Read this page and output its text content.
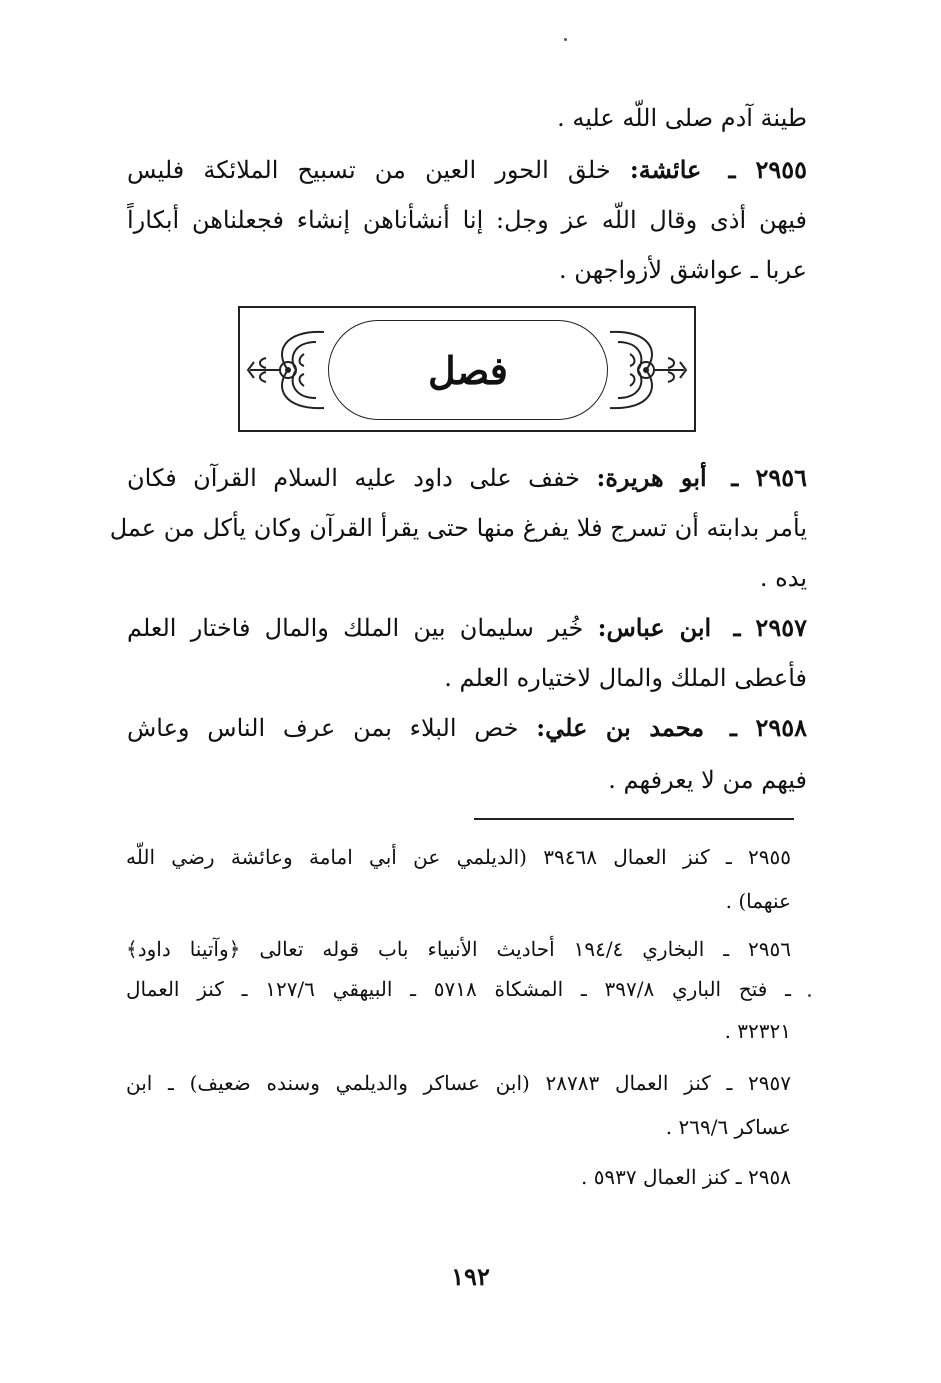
طينة آدم صلى اللّه عليه .
٢٩٥٥ ـ عائشة: خلق الحور العين من تسبيح الملائكة فليس
فيهن أذى وقال اللّه عز وجل: إنا أنشأناهن إنشاء فجعلناهن أبكاراً
عربا ـ عواشق لأزواجهن .
فصل
٢٩٥٦ ـ أبو هريرة: خفف على داود عليه السلام القرآن فكان
يأمر بدابته أن تسرج فلا يفرغ منها حتى يقرأ القرآن وكان يأكل من عمل
يده .
٢٩٥٧ ـ ابن عباس: خُير سليمان بين الملك والمال فاختار العلم
فأعطى الملك والمال لاختياره العلم .
٢٩٥٨ ـ محمد بن علي: خص البلاء بمن عرف الناس وعاش
فيهم من لا يعرفهم .
٢٩٥٥ ـ كنز العمال ٣٩٤٦٨ (الديلمي عن أبي امامة وعائشة رضي اللّه
عنهما) .
٢٩٥٦ ـ البخاري ١٩٤/٤ أحاديث الأنبياء باب قوله تعالى ﴿وآتينا داود﴾
ـ فتح الباري ٣٩٧/٨ ـ المشكاة ٥٧١٨ ـ البيهقي ١٢٧/٦ ـ كنز العمال
٣٢٣٢١ .
٢٩٥٧ ـ كنز العمال ٢٨٧٨٣ (ابن عساكر والديلمي وسنده ضعيف) ـ ابن
عساكر ٢٦٩/٦ .
٢٩٥٨ ـ كنز العمال ٥٩٣٧ .
١٩٢
